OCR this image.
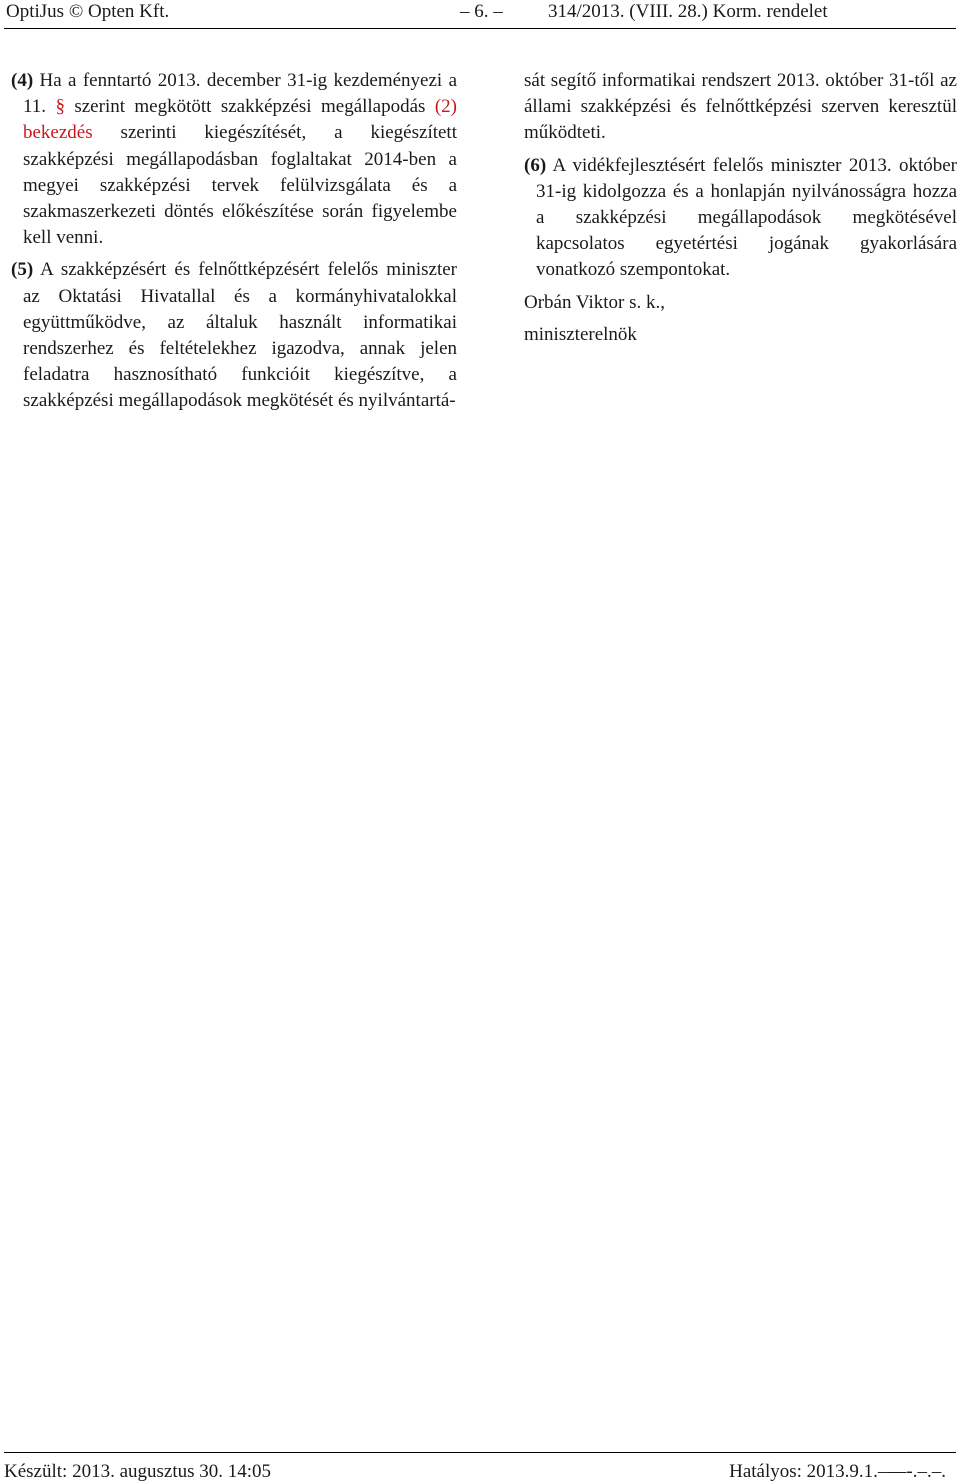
OptiJus © Opten Kft.	– 6. – 314/2013. (VIII. 28.) Korm. rendelet

(4) Ha a fenntartó 2013. december 31-ig kezdeményezi a 11. § szerint megkötött szakképzési megállapodás (2) bekezdés szerinti kiegészítését, a kiegészített szakképzési megállapodásban foglaltakat 2014-ben a megyei szakképzési tervek felülvizsgálata és a szakmaszerkezeti döntés előkészítése során figyelembe kell venni.

(5) A szakképzésért és felnőttképzésért felelős miniszter az Oktatási Hivatallal és a kormányhivatalokkal együttműködve, az általuk használt informatikai rendszerhez és feltételekhez igazodva, annak jelen feladatra hasznosítható funkcióit kiegészítve, a szakképzési megállapodások megkötését és nyilvántartá-

sát segítő informatikai rendszert 2013. október 31-től az állami szakképzési és felnőttképzési szerven keresztül működteti.

(6) A vidékfejlesztésért felelős miniszter 2013. október 31-ig kidolgozza és a honlapján nyilvánosságra hozza a szakképzési megállapodások megkötésével kapcsolatos egyetértési jogának gyakorlására vonatkozó szempontokat.

Orbán Viktor s. k.,

miniszterelnök

Készült: 2013. augusztus 30. 14:05	Hatályos: 2013.9.1.–—-.–.–.
